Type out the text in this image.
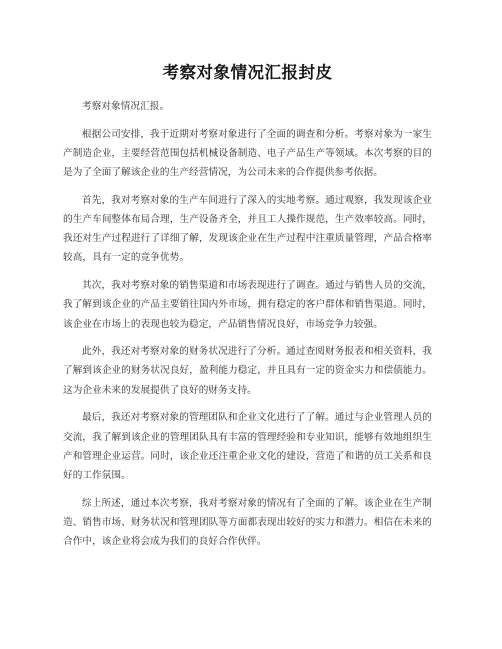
考察对象情况汇报封皮

考察对象情况汇报。

根据公司安排，我于近期对考察对象进行了全面的调查和分析。考察对象为一家生产制造企业，主要经营范围包括机械设备制造、电子产品生产等领域。本次考察的目的是为了全面了解该企业的生产经营情况，为公司未来的合作提供参考依据。

首先，我对考察对象的生产车间进行了深入的实地考察。通过观察，我发现该企业的生产车间整体布局合理，生产设备齐全，并且工人操作规范，生产效率较高。同时，我还对生产过程进行了详细了解，发现该企业在生产过程中注重质量管理，产品合格率较高，具有一定的竞争优势。

其次，我对考察对象的销售渠道和市场表现进行了调查。通过与销售人员的交流，我了解到该企业的产品主要销往国内外市场，拥有稳定的客户群体和销售渠道。同时，该企业在市场上的表现也较为稳定，产品销售情况良好，市场竞争力较强。

此外，我还对考察对象的财务状况进行了分析。通过查阅财务报表和相关资料，我了解到该企业的财务状况良好，盈利能力稳定，并且具有一定的资金实力和偿债能力。这为企业未来的发展提供了良好的财务支持。

最后，我还对考察对象的管理团队和企业文化进行了了解。通过与企业管理人员的交流，我了解到该企业的管理团队具有丰富的管理经验和专业知识，能够有效地组织生产和管理企业运营。同时，该企业还注重企业文化的建设，营造了和谐的员工关系和良好的工作氛围。

综上所述，通过本次考察，我对考察对象的情况有了全面的了解。该企业在生产制造、销售市场、财务状况和管理团队等方面都表现出较好的实力和潜力。相信在未来的合作中，该企业将会成为我们的良好合作伙伴。
